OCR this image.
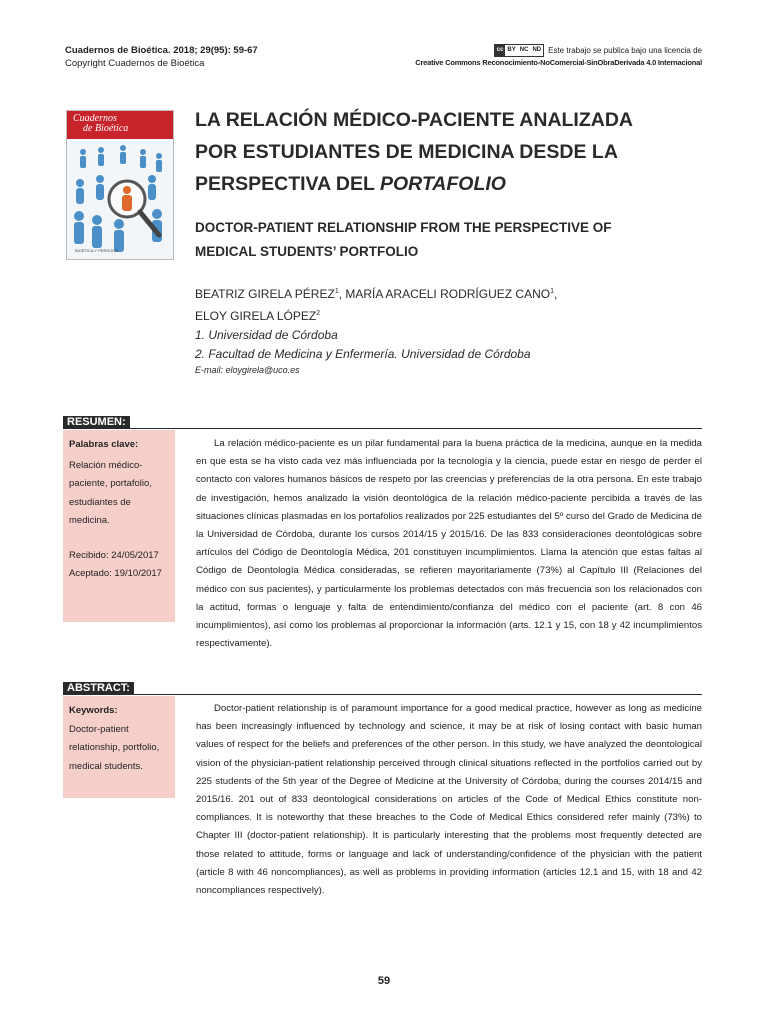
Cuadernos de Bioética. 2018; 29(95): 59-67
Copyright Cuadernos de Bioética
cc BY NC ND Este trabajo se publica bajo una licencia de
Creative Commons Reconocimiento-NoComercial-SinObraDerivada 4.0 Internacional
Cuadernos
de Bioética
BIOÉTICA Y PERSONA
LA RELACIÓN MÉDICO-PACIENTE ANALIZADA POR ESTUDIANTES DE MEDICINA DESDE LA PERSPECTIVA DEL PORTAFOLIO
DOCTOR-PATIENT RELATIONSHIP FROM THE PERSPECTIVE OF MEDICAL STUDENTS’ PORTFOLIO
BEATRIZ GIRELA PÉREZ$^1$, MARÍA ARACELI RODRÍGUEZ CANO$^1$,
ELOY GIRELA LÓPEZ$^2$
1. Universidad de Córdoba
2. Facultad de Medicina y Enfermería. Universidad de Córdoba
E-mail: eloygirela@uco.es
RESUMEN:
Palabras clave:
Relación médico-paciente, portafolio, estudiantes de medicina.
Recibido: 24/05/2017
Aceptado: 19/10/2017

La relación médico-paciente es un pilar fundamental para la buena práctica de la medicina, aunque en la medida en que esta se ha visto cada vez más influenciada por la tecnología y la ciencia, puede estar en riesgo de perder el contacto con valores humanos básicos de respeto por las creencias y preferencias de la otra persona. En este trabajo de investigación, hemos analizado la visión deontológica de la relación médico-paciente percibida a través de las situaciones clínicas plasmadas en los portafolios realizados por 225 estudiantes del 5º curso del Grado de Medicina de la Universidad de Córdoba, durante los cursos 2014/15 y 2015/16. De las 833 consideraciones deontológicas sobre artículos del Código de Deontología Médica, 201 constituyen incumplimientos. Llama la atención que estas faltas al Código de Deontología Médica consideradas, se refieren mayoritariamente (73%) al Capítulo III (Relaciones del médico con sus pacientes), y particularmente los problemas detectados con más frecuencia son los relacionados con la actitud, formas o lenguaje y falta de entendimiento/confianza del médico con el paciente (art. 8 con 46 incumplimientos), así como los problemas al proporcionar la información (arts. 12.1 y 15, con 18 y 42 incumplimientos respectivamente).

ABSTRACT:
Keywords:
Doctor-patient relationship, portfolio, medical students.

Doctor-patient relationship is of paramount importance for a good medical practice, however as long as medicine has been increasingly influenced by technology and science, it may be at risk of losing contact with basic human values of respect for the beliefs and preferences of the other person. In this study, we have analyzed the deontological vision of the physician-patient relationship perceived through clinical situations reflected in the portfolios carried out by 225 students of the 5th year of the Degree of Medicine at the University of Córdoba, during the courses 2014/15 and 2015/16. 201 out of 833 deontological considerations on articles of the Code of Medical Ethics constitute non-compliances. It is noteworthy that these breaches to the Code of Medical Ethics considered refer mainly (73%) to Chapter III (doctor-patient relationship). It is particularly interesting that the problems most frequently detected are those related to attitude, forms or language and lack of understanding/confidence of the physician with the patient (article 8 with 46 noncompliances), as well as problems in providing information (articles 12.1 and 15, with 18 and 42 noncompliances respectively).

59
